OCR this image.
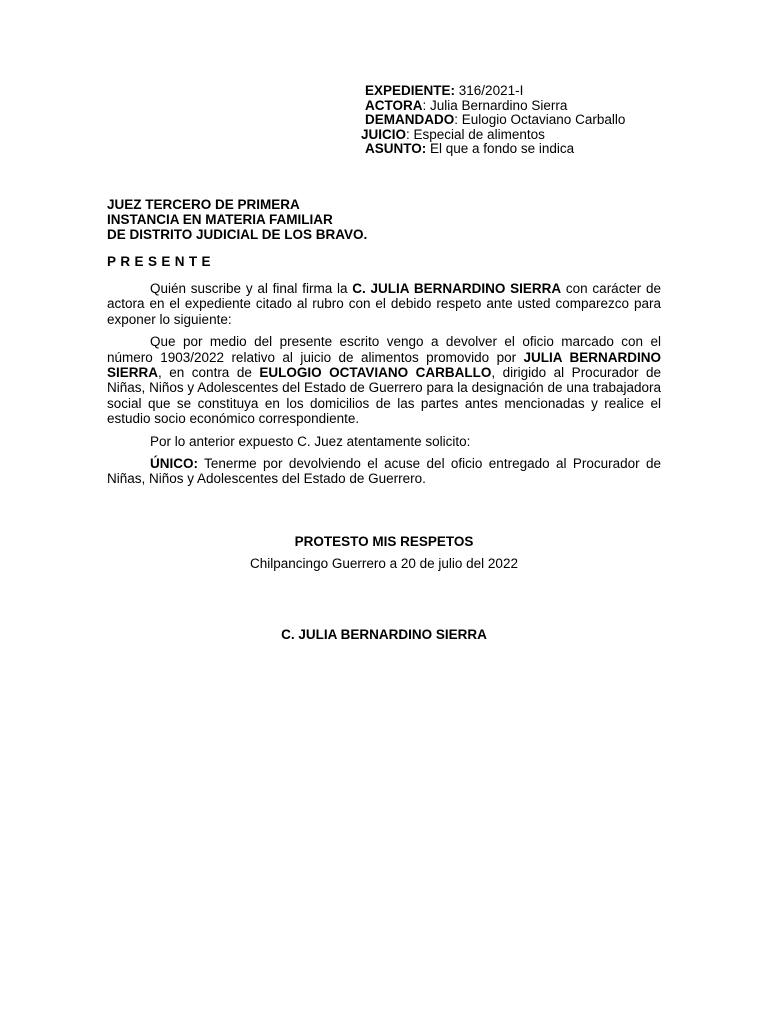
EXPEDIENTE: 316/2021-I
ACTORA: Julia Bernardino Sierra
DEMANDADO: Eulogio Octaviano Carballo
JUICIO: Especial de alimentos
ASUNTO: El que a fondo se indica
JUEZ TERCERO DE PRIMERA
INSTANCIA EN MATERIA FAMILIAR
DE DISTRITO JUDICIAL DE LOS BRAVO.
PRESENTE

Quién suscribe y al final firma la C. JULIA BERNARDINO SIERRA con carácter de actora en el expediente citado al rubro con el debido respeto ante usted comparezco para exponer lo siguiente:

Que por medio del presente escrito vengo a devolver el oficio marcado con el número 1903/2022 relativo al juicio de alimentos promovido por JULIA BERNARDINO SIERRA, en contra de EULOGIO OCTAVIANO CARBALLO, dirigido al Procurador de Niñas, Niños y Adolescentes del Estado de Guerrero para la designación de una trabajadora social que se constituya en los domicilios de las partes antes mencionadas y realice el estudio socio económico correspondiente.

Por lo anterior expuesto C. Juez atentamente solicito:

ÚNICO: Tenerme por devolviendo el acuse del oficio entregado al Procurador de Niñas, Niños y Adolescentes del Estado de Guerrero.

PROTESTO MIS RESPETOS
Chilpancingo Guerrero a 20 de julio del 2022
C. JULIA BERNARDINO SIERRA
